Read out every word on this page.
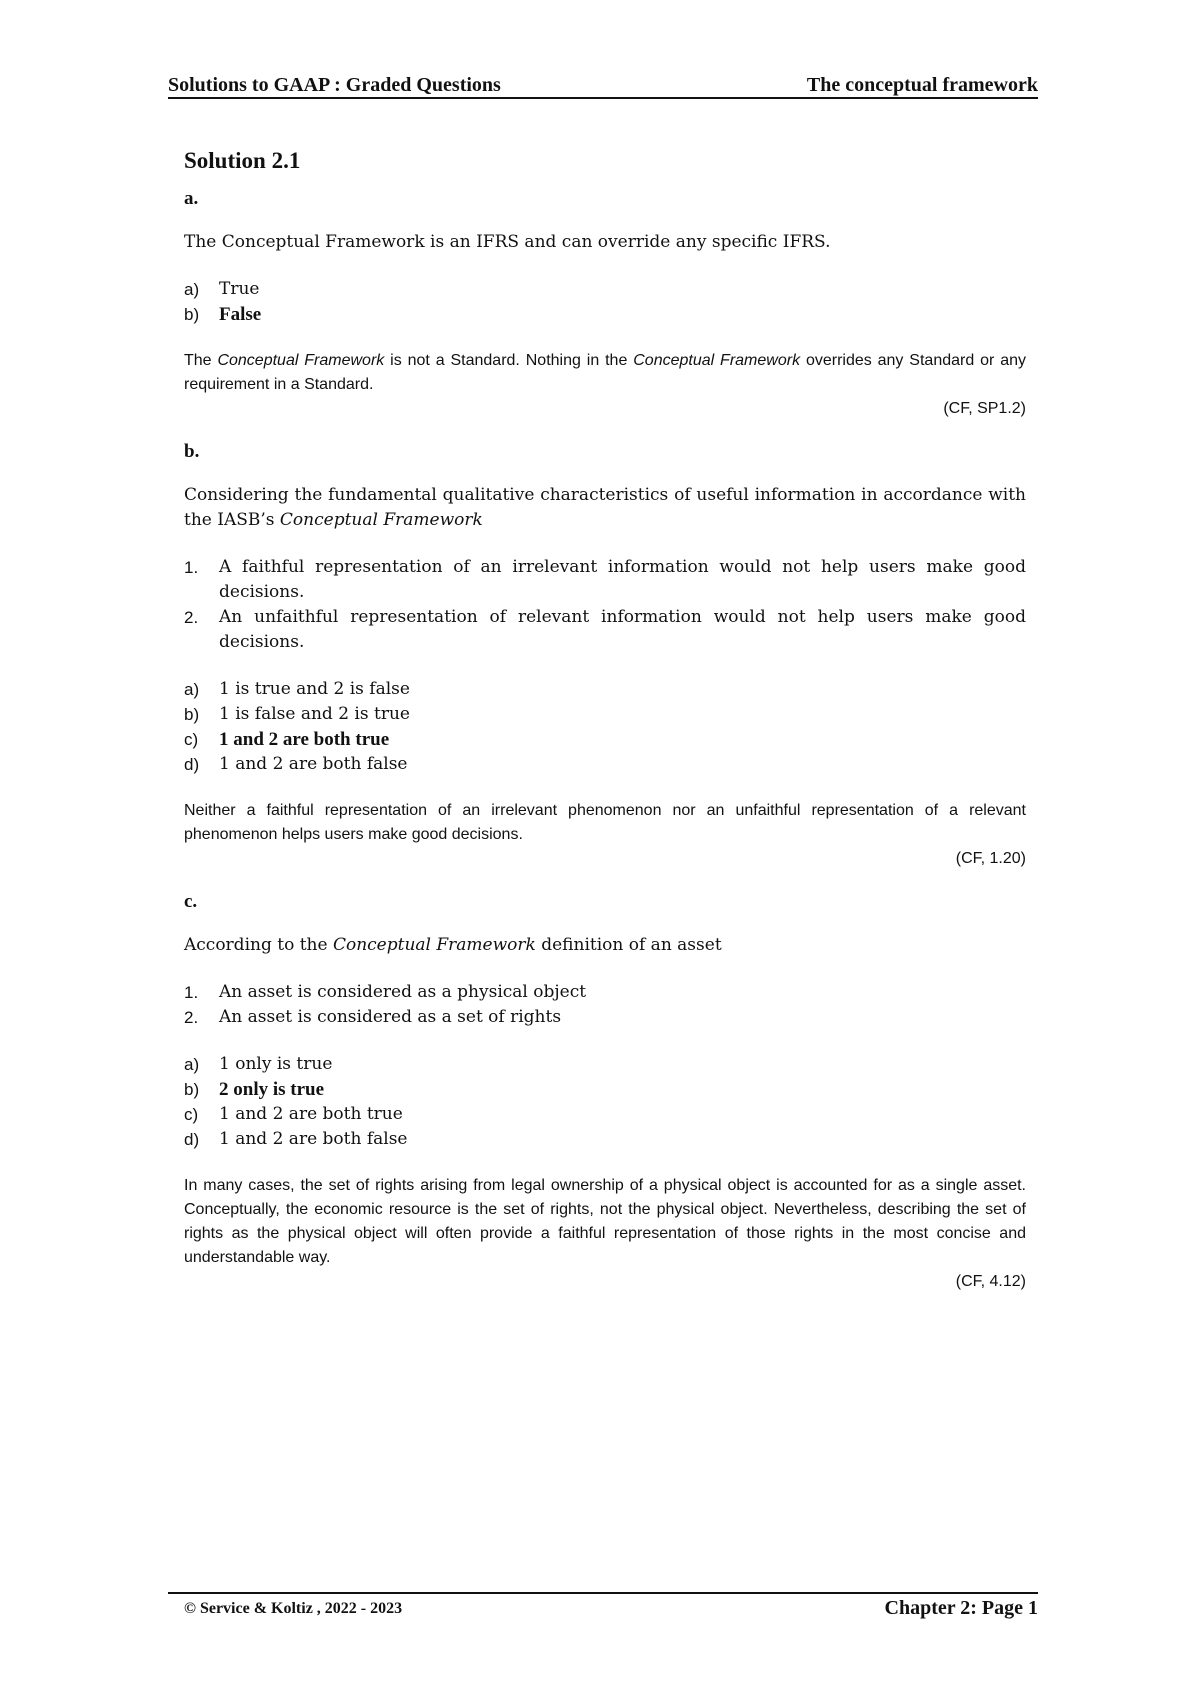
Solutions to GAAP : Graded Questions	The conceptual framework
Solution 2.1
a.

The Conceptual Framework is an IFRS and can override any specific IFRS.

a)	True
b)	False

The Conceptual Framework is not a Standard. Nothing in the Conceptual Framework overrides any Standard or any requirement in a Standard.

(CF, SP1.2)

b.

Considering the fundamental qualitative characteristics of useful information in accordance with the IASB’s Conceptual Framework

1.	A faithful representation of an irrelevant information would not help users make good decisions.
2.	An unfaithful representation of relevant information would not help users make good decisions.
a)	1 is true and 2 is false
b)	1 is false and 2 is true
c)	1 and 2 are both true
d)	1 and 2 are both false

Neither a faithful representation of an irrelevant phenomenon nor an unfaithful representation of a relevant phenomenon helps users make good decisions.

(CF, 1.20)

c.

According to the Conceptual Framework definition of an asset

1.	An asset is considered as a physical object
2.	An asset is considered as a set of rights
a)	1 only is true
b)	2 only is true
c)	1 and 2 are both true
d)	1 and 2 are both false

In many cases, the set of rights arising from legal ownership of a physical object is accounted for as a single asset. Conceptually, the economic resource is the set of rights, not the physical object. Nevertheless, describing the set of rights as the physical object will often provide a faithful representation of those rights in the most concise and understandable way.

(CF, 4.12)

© Service & Koltiz , 2022 - 2023	Chapter 2: Page 1
